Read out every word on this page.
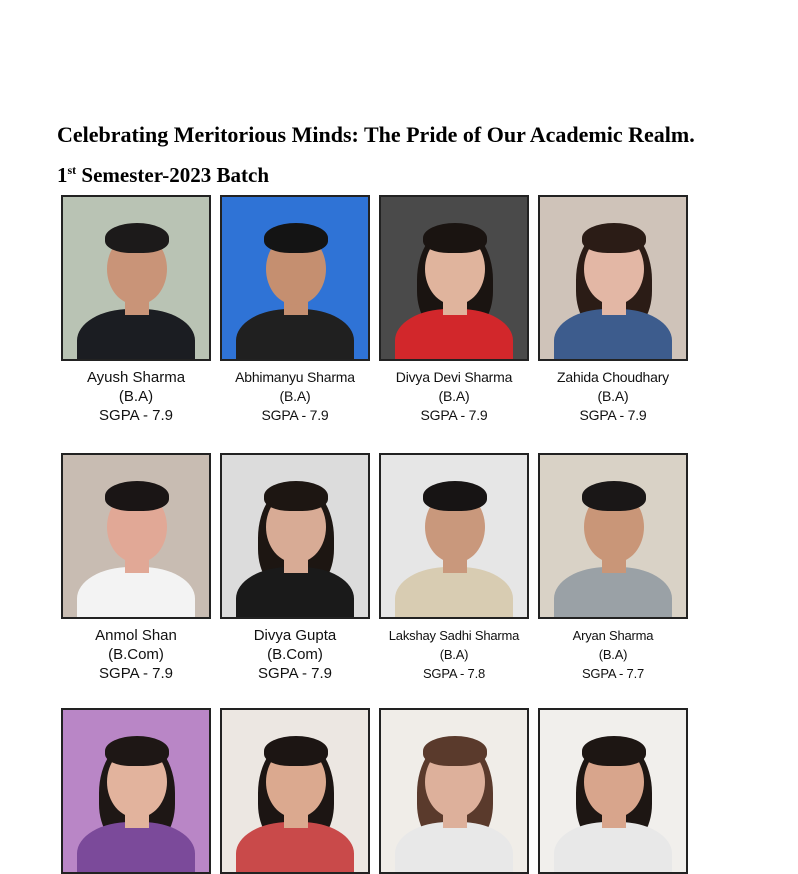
Celebrating Meritorious Minds: The Pride of Our Academic Realm.
1st Semester-2023 Batch
Ayush Sharma
(B.A)
SGPA - 7.9
Abhimanyu Sharma
(B.A)
SGPA - 7.9
Divya Devi Sharma
(B.A)
SGPA - 7.9
Zahida Choudhary
(B.A)
SGPA - 7.9
Anmol Shan
(B.Com)
SGPA - 7.9
Divya Gupta
(B.Com)
SGPA - 7.9
Lakshay Sadhi Sharma
(B.A)
SGPA - 7.8
Aryan Sharma
(B.A)
SGPA - 7.7
